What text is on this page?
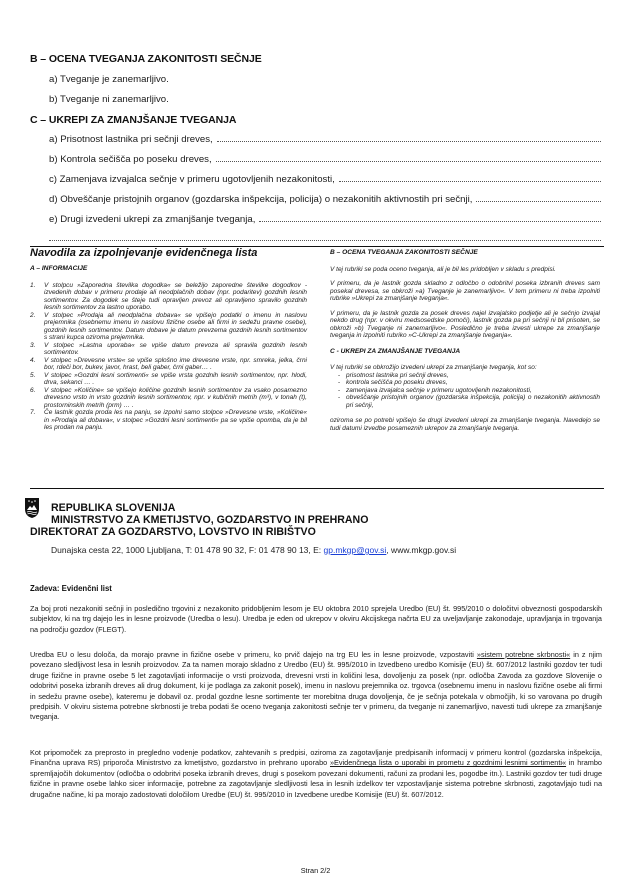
B – OCENA TVEGANJA ZAKONITOSTI SEČNJE
a) Tveganje je zanemarljivo.
b) Tveganje ni zanemarljivo.
C – UKREPI ZA ZMANJŠANJE TVEGANJA
a) Prisotnost lastnika pri sečnji dreves,
b) Kontrola sečišča po poseku dreves,
c) Zamenjava izvajalca sečnje v primeru ugotovljenih nezakonitosti,
d) Obveščanje pristojnih organov (gozdarska inšpekcija, policija) o nezakonitih aktivnostih pri sečnji,
e) Drugi izvedeni ukrepi za zmanjšanje tveganja,
Navodila za izpolnjevanje evidenčnega lista
A – INFORMACIJE
1.	V stolpcu »Zaporedna številka dogodka« se beležijo zaporedne številke dogodkov - izvedenih dobav v primeru prodaje ali neodplačnih dobav (npr. podaritev) gozdnih lesnih sortimentov. Za dogodek se šteje tudi opravljen prevoz ali opravljeno spravilo gozdnih lesnih sortimentov za lastno uporabo.
2.	V stolpec »Prodaja ali neodplačna dobava« se vpišejo podatki o imenu in naslovu prejemnika (osebnemu imenu in naslovu fizične osebe ali firmi in sedežu pravne osebe), gozdnih lesnih sortimentov. Datum dobave je datum prevzema gozdnih lesnih sortimentov s strani kupca oziroma prejemnika.
3.	V stolpec »Lastna uporaba« se vpiše datum prevoza ali spravila gozdnih lesnih sortimentov.
4.	V stolpec »Drevesne vrste« se vpiše splošno ime drevesne vrste, npr. smreka, jelka, črni bor, rdeči bor, bukev, javor, hrast, beli gaber, črni gaber… .
5.	V stolpec »Gozdni lesni sortimenti« se vpiše vrsta gozdnih lesnih sortimentov, npr. hlodi, drva, sekanci … .
6.	V stolpec »Količine« se vpišejo količine gozdnih lesnih sortimentov za vsako posamezno drevesno vrsto in vrsto gozdnih lesnih sortimentov, npr. v kubičnih metrih (m³), v tonah (t), prostorninskih metrih (prm) … .
7.	Če lastnik gozda proda les na panju, se izpolni samo stolpce »Drevesne vrste, »Količine« in »Prodaja ali dobava«, v stolpec »Gozdni lesni sortimenti« pa se vpiše opomba, da je bil les prodan na panju.
B – OCENA TVEGANJA ZAKONITOSTI SEČNJE

V tej rubriki se poda oceno tveganja, ali je bil les pridobljen v skladu s predpisi.

V primeru, da je lastnik gozda skladno z odločbo o odobritvi poseka izbranih dreves sam posekal drevesa, se obkroži »a) Tveganje je zanemarljivo«. V tem primeru ni treba izpolniti rubrike »Ukrepi za zmanjšanje tveganja«.

V primeru, da je lastnik gozda za posek dreves najel izvajalsko podjetje ali je sečnjo izvajal nekdo drug (npr. v okviru medsosedske pomoči), lastnik gozda pa pri sečnji ni bil prisoten, se obkroži »b) Tveganje ni zanemarljivo«. Posledično je treba izvesti ukrepe za zmanjšanje tveganja in izpolniti rubriko »C-Ukrepi za zmanjšanje tveganja«.

C - UKREPI ZA ZMANJŠANJE TVEGANJA

V tej rubriki se obkrožijo izvedeni ukrepi za zmanjšanje tveganja, kot so:

- prisotnost lastnika pri sečnji dreves,
- kontrola sečišča po poseku dreves,
- zamenjava izvajalca sečnje v primeru ugotovljenih nezakonitosti,
- obveščanje pristojnih organov (gozdarska inšpekcija, policija) o nezakonitih aktivnostih pri sečnji,

oziroma se po potrebi vpišejo še drugi izvedeni ukrepi za zmanjšanje tveganja. Navedejo se tudi datumi izvedbe posameznih ukrepov za zmanjšanje tveganja.

REPUBLIKA SLOVENIJA
MINISTRSTVO ZA KMETIJSTVO, GOZDARSTVO IN PREHRANO
DIREKTORAT ZA GOZDARSTVO, LOVSTVO IN RIBIŠTVO
Dunajska cesta 22, 1000 Ljubljana, T: 01 478 90 32, F: 01 478 90 13, E: gp.mkgp@gov.si, www.mkgp.gov.si
Zadeva: Evidenčni list

Za boj proti nezakoniti sečnji in posledično trgovini z nezakonito pridobljenim lesom je EU oktobra 2010 sprejela Uredbo (EU) št. 995/2010 o določitvi obveznosti gospodarskih subjektov, ki na trg dajejo les in lesne proizvode (Uredba o lesu). Uredba je eden od ukrepov v okviru Akcijskega načrta EU za uveljavljanje zakonodaje, upravljanja in trgovanja na področju gozdov (FLEGT).

Uredba EU o lesu določa, da morajo pravne in fizične osebe v primeru, ko prvič dajejo na trg EU les in lesne proizvode, vzpostaviti »sistem potrebne skrbnosti« in z njim povezano sledljivost lesa in lesnih proizvodov. Za ta namen morajo skladno z Uredbo (EU) št. 995/2010 in Izvedbeno uredbo Komisije (EU) št. 607/2012 lastniki gozdov ter tudi druge fizične in pravne osebe 5 let zagotavljati informacije o vrsti proizvoda, drevesni vrsti in količini lesa, dovoljenju za posek (npr. odločba Zavoda za gozdove Slovenije o odobritvi poseka izbranih dreves ali drug dokument, ki je podlaga za zakonit posek), imenu in naslovu prejemnika oz. trgovca (osebnemu imenu in naslovu fizične osebe ali firmi in sedežu pravne osebe), kateremu je dobavil oz. prodal gozdne lesne sortimente ter morebitna druga dovoljenja, če je sečnja potekala v območjih, ki so varovana po drugih predpisih. V okviru sistema potrebne skrbnosti je treba podati še oceno tveganja zakonitosti sečnje ter v primeru, da tveganje ni zanemarljivo, navesti tudi ukrepe za zmanjšanje tveganja.

Kot pripomoček za preprosto in pregledno vodenje podatkov, zahtevanih s predpisi, oziroma za zagotavljanje predpisanih informacij v primeru kontrol (gozdarska inšpekcija, Finančna uprava RS) priporoča Ministrstvo za kmetijstvo, gozdarstvo in prehrano uporabo »Evidenčnega lista o uporabi in prometu z gozdnimi lesnimi sortimenti« in hrambo spremljajočih dokumentov (odločba o odobritvi poseka izbranih dreves, drugi s posekom povezani dokumenti, računi za prodani les, pogodbe itn.). Lastniki gozdov ter tudi druge fizične in pravne osebe lahko sicer informacije, potrebne za zagotavljanje sledljivosti lesa in lesnih izdelkov ter vzpostavljanje sistema potrebne skrbnosti, zagotavljajo tudi na drugačne načine, ki pa morajo zadostovati določilom Uredbe (EU) št. 995/2010 in Izvedbene uredbe Komisije (EU) št. 607/2012.

Stran 2/2
